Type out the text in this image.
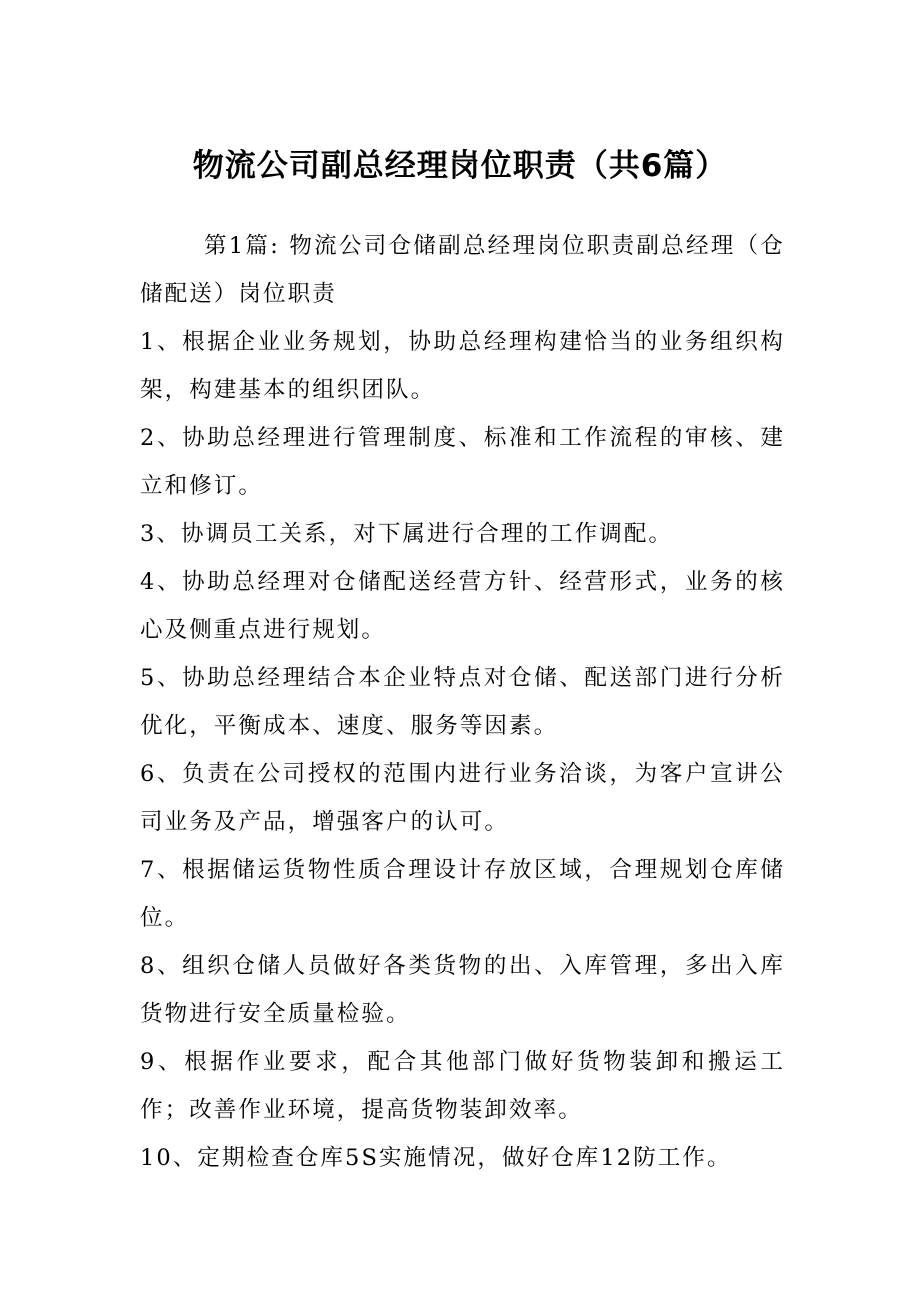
物流公司副总经理岗位职责（共6篇）

第1篇: 物流公司仓储副总经理岗位职责副总经理（仓储配送）岗位职责

1、根据企业业务规划，协助总经理构建恰当的业务组织构架，构建基本的组织团队。

2、协助总经理进行管理制度、标准和工作流程的审核、建立和修订。

3、协调员工关系，对下属进行合理的工作调配。

4、协助总经理对仓储配送经营方针、经营形式，业务的核心及侧重点进行规划。

5、协助总经理结合本企业特点对仓储、配送部门进行分析优化，平衡成本、速度、服务等因素。

6、负责在公司授权的范围内进行业务洽谈，为客户宣讲公司业务及产品，增强客户的认可。

7、根据储运货物性质合理设计存放区域，合理规划仓库储位。

8、组织仓储人员做好各类货物的出、入库管理，多出入库货物进行安全质量检验。

9、根据作业要求，配合其他部门做好货物装卸和搬运工作；改善作业环境，提高货物装卸效率。

10、定期检查仓库5S实施情况，做好仓库12防工作。
